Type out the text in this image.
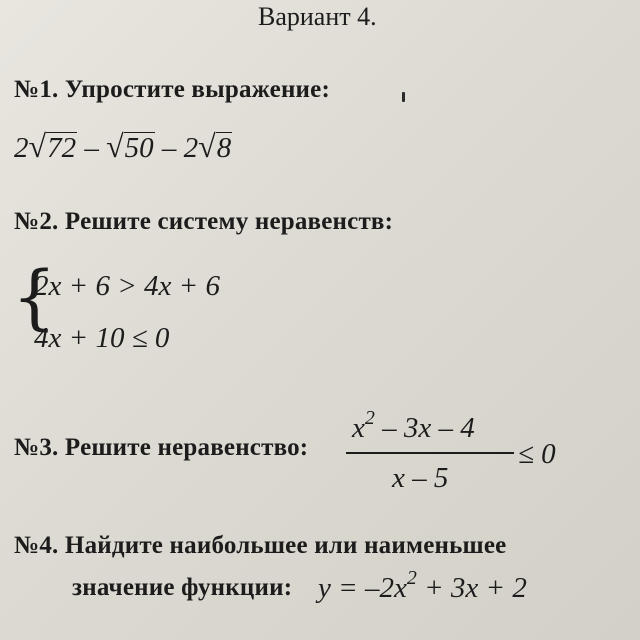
Вариант 4.
№1. Упростите выражение:
2√72 – √50 – 2√8
№2. Решите систему неравенств:
{
2x + 6 > 4x + 6
4x + 10 ≤ 0
№3. Решите неравенство:
$x^2 - 3x - 4$
x – 5
≤ 0
№4. Найдите наибольшее или наименьшее
значение функции: $y = -2x^2 + 3x + 2$
